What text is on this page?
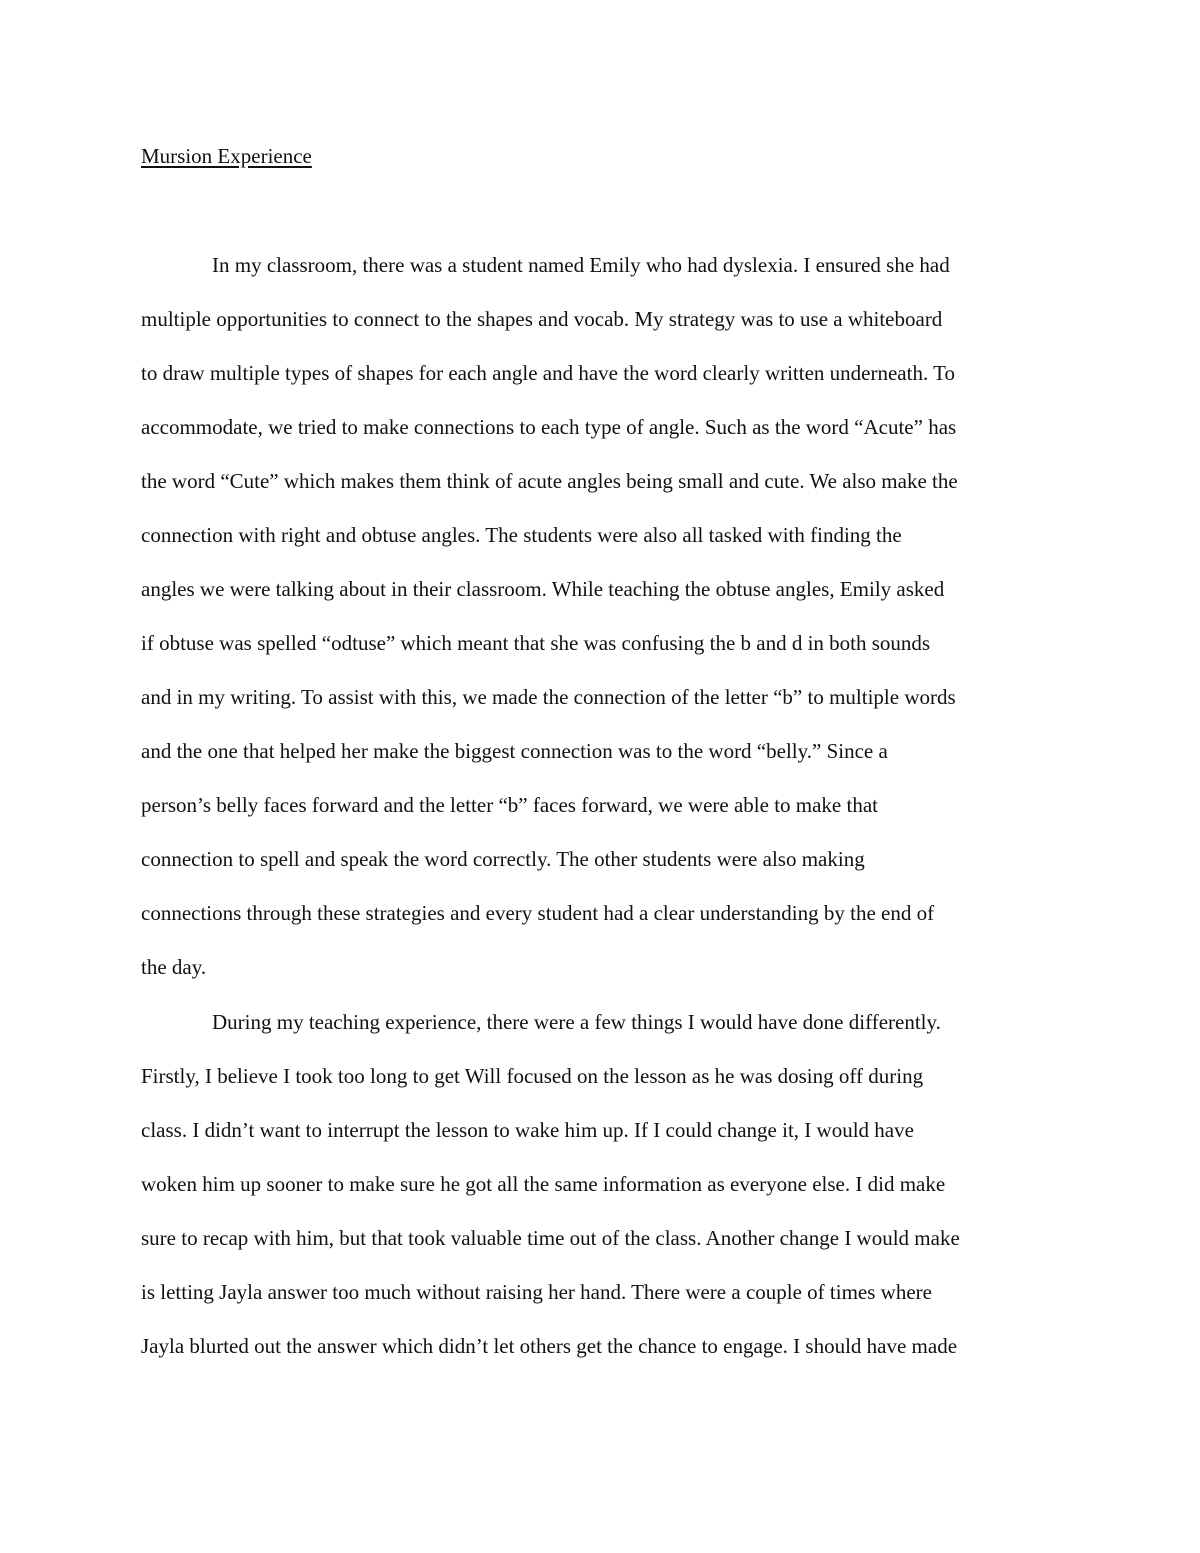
Mursion Experience
In my classroom, there was a student named Emily who had dyslexia. I ensured she had
multiple opportunities to connect to the shapes and vocab. My strategy was to use a whiteboard
to draw multiple types of shapes for each angle and have the word clearly written underneath. To
accommodate, we tried to make connections to each type of angle. Such as the word “Acute” has
the word “Cute” which makes them think of acute angles being small and cute. We also make the
connection with right and obtuse angles. The students were also all tasked with finding the
angles we were talking about in their classroom. While teaching the obtuse angles, Emily asked
if obtuse was spelled “odtuse” which meant that she was confusing the b and d in both sounds
and in my writing. To assist with this, we made the connection of the letter “b” to multiple words
and the one that helped her make the biggest connection was to the word “belly.” Since a
person’s belly faces forward and the letter “b” faces forward, we were able to make that
connection to spell and speak the word correctly. The other students were also making
connections through these strategies and every student had a clear understanding by the end of
the day.
During my teaching experience, there were a few things I would have done differently.
Firstly, I believe I took too long to get Will focused on the lesson as he was dosing off during
class. I didn’t want to interrupt the lesson to wake him up. If I could change it, I would have
woken him up sooner to make sure he got all the same information as everyone else. I did make
sure to recap with him, but that took valuable time out of the class. Another change I would make
is letting Jayla answer too much without raising her hand. There were a couple of times where
Jayla blurted out the answer which didn’t let others get the chance to engage. I should have made
